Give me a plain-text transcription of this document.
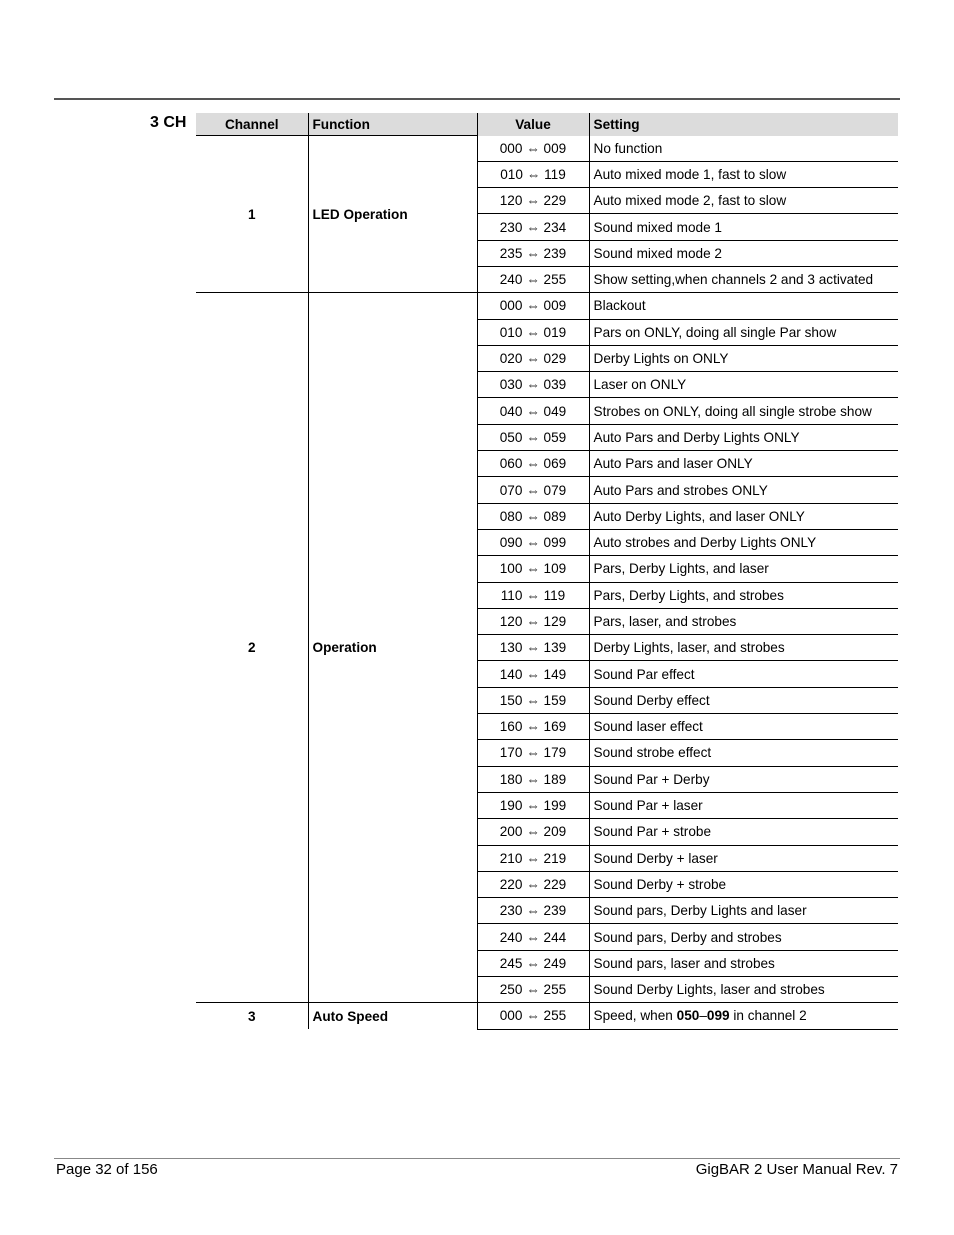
3 CH	Channel	Function	Value	Setting
1	LED Operation	000 ⇔ 009	No function
		010 ⇔ 119	Auto mixed mode 1, fast to slow
		120 ⇔ 229	Auto mixed mode 2, fast to slow
		230 ⇔ 234	Sound mixed mode 1
		235 ⇔ 239	Sound mixed mode 2
		240 ⇔ 255	Show setting,when channels 2 and 3 activated
2	Operation	000 ⇔ 009	Blackout
		010 ⇔ 019	Pars on ONLY, doing all single Par show
		020 ⇔ 029	Derby Lights on ONLY
		030 ⇔ 039	Laser on ONLY
		040 ⇔ 049	Strobes on ONLY, doing all single strobe show
		050 ⇔ 059	Auto Pars and Derby Lights ONLY
		060 ⇔ 069	Auto Pars and laser ONLY
		070 ⇔ 079	Auto Pars and strobes ONLY
		080 ⇔ 089	Auto Derby Lights, and laser ONLY
		090 ⇔ 099	Auto strobes and Derby Lights ONLY
		100 ⇔ 109	Pars, Derby Lights, and laser
		110 ⇔ 119	Pars, Derby Lights, and strobes
		120 ⇔ 129	Pars, laser, and strobes
		130 ⇔ 139	Derby Lights, laser, and strobes
		140 ⇔ 149	Sound Par effect
		150 ⇔ 159	Sound Derby effect
		160 ⇔ 169	Sound laser effect
		170 ⇔ 179	Sound strobe effect
		180 ⇔ 189	Sound Par + Derby
		190 ⇔ 199	Sound Par + laser
		200 ⇔ 209	Sound Par + strobe
		210 ⇔ 219	Sound Derby + laser
		220 ⇔ 229	Sound Derby + strobe
		230 ⇔ 239	Sound pars, Derby Lights and laser
		240 ⇔ 244	Sound pars, Derby and strobes
		245 ⇔ 249	Sound pars, laser and strobes
		250 ⇔ 255	Sound Derby Lights, laser and strobes
3	Auto Speed	000 ⇔ 255	Speed, when 050–099 in channel 2
Page 32 of 156	GigBAR 2 User Manual Rev. 7
